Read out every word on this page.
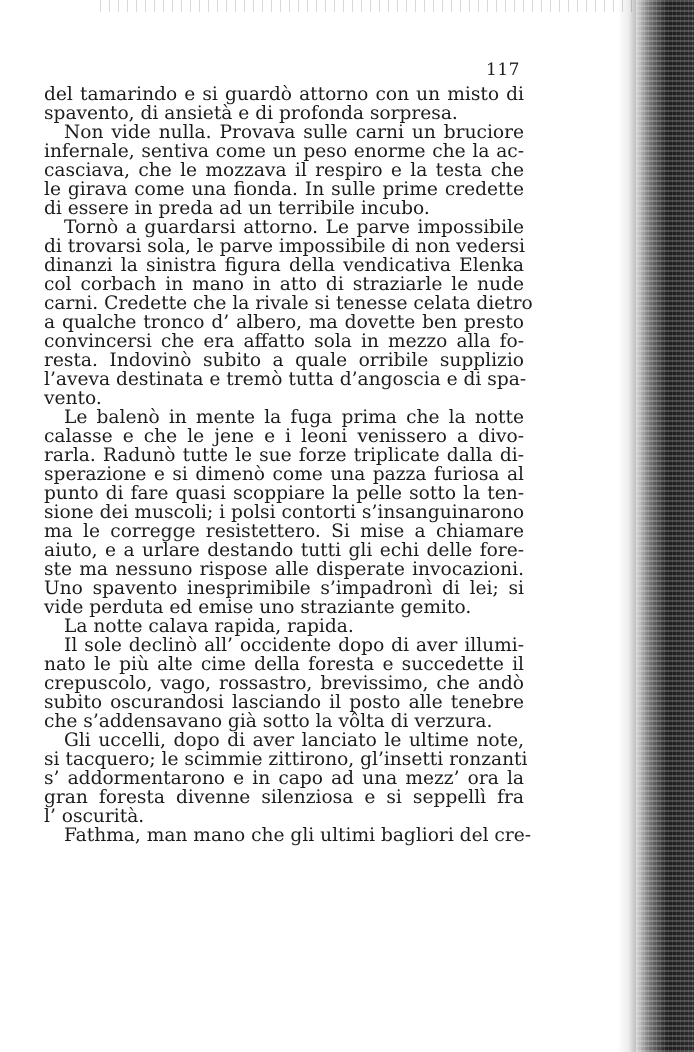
117
del tamarindo e si guardò attorno con un misto di
spavento, di ansietà e di profonda sorpresa.
Non vide nulla. Provava sulle carni un bruciore
infernale, sentiva come un peso enorme che la ac-
casciava, che le mozzava il respiro e la testa che
le girava come una fionda. In sulle prime credette
di essere in preda ad un terribile incubo.
Tornò a guardarsi attorno. Le parve impossibile
di trovarsi sola, le parve impossibile di non vedersi
dinanzi la sinistra figura della vendicativa Elenka
col corbach in mano in atto di straziarle le nude
carni. Credette che la rivale si tenesse celata dietro
a qualche tronco d’ albero, ma dovette ben presto
convincersi che era affatto sola in mezzo alla fo-
resta. Indovinò subito a quale orribile supplizio
l’aveva destinata e tremò tutta d’angoscia e di spa-
vento.
Le balenò in mente la fuga prima che la notte
calasse e che le jene e i leoni venissero a divo-
rarla. Radunò tutte le sue forze triplicate dalla di-
sperazione e si dimenò come una pazza furiosa al
punto di fare quasi scoppiare la pelle sotto la ten-
sione dei muscoli; i polsi contorti s’insanguinarono
ma le corregge resistettero. Si mise a chiamare
aiuto, e a urlare destando tutti gli echi delle fore-
ste ma nessuno rispose alle disperate invocazioni.
Uno spavento inesprimibile s’impadronì di lei; si
vide perduta ed emise uno straziante gemito.
La notte calava rapida, rapida.
Il sole declinò all’ occidente dopo di aver illumi-
nato le più alte cime della foresta e succedette il
crepuscolo, vago, rossastro, brevissimo, che andò
subito oscurandosi lasciando il posto alle tenebre
che s’addensavano già sotto la vôlta di verzura.
Gli uccelli, dopo di aver lanciato le ultime note,
si tacquero; le scimmie zittirono, gl’insetti ronzanti
s’ addormentarono e in capo ad una mezz’ ora la
gran foresta divenne silenziosa e si seppellì fra
l’ oscurità.
Fathma, man mano che gli ultimi bagliori del cre-
